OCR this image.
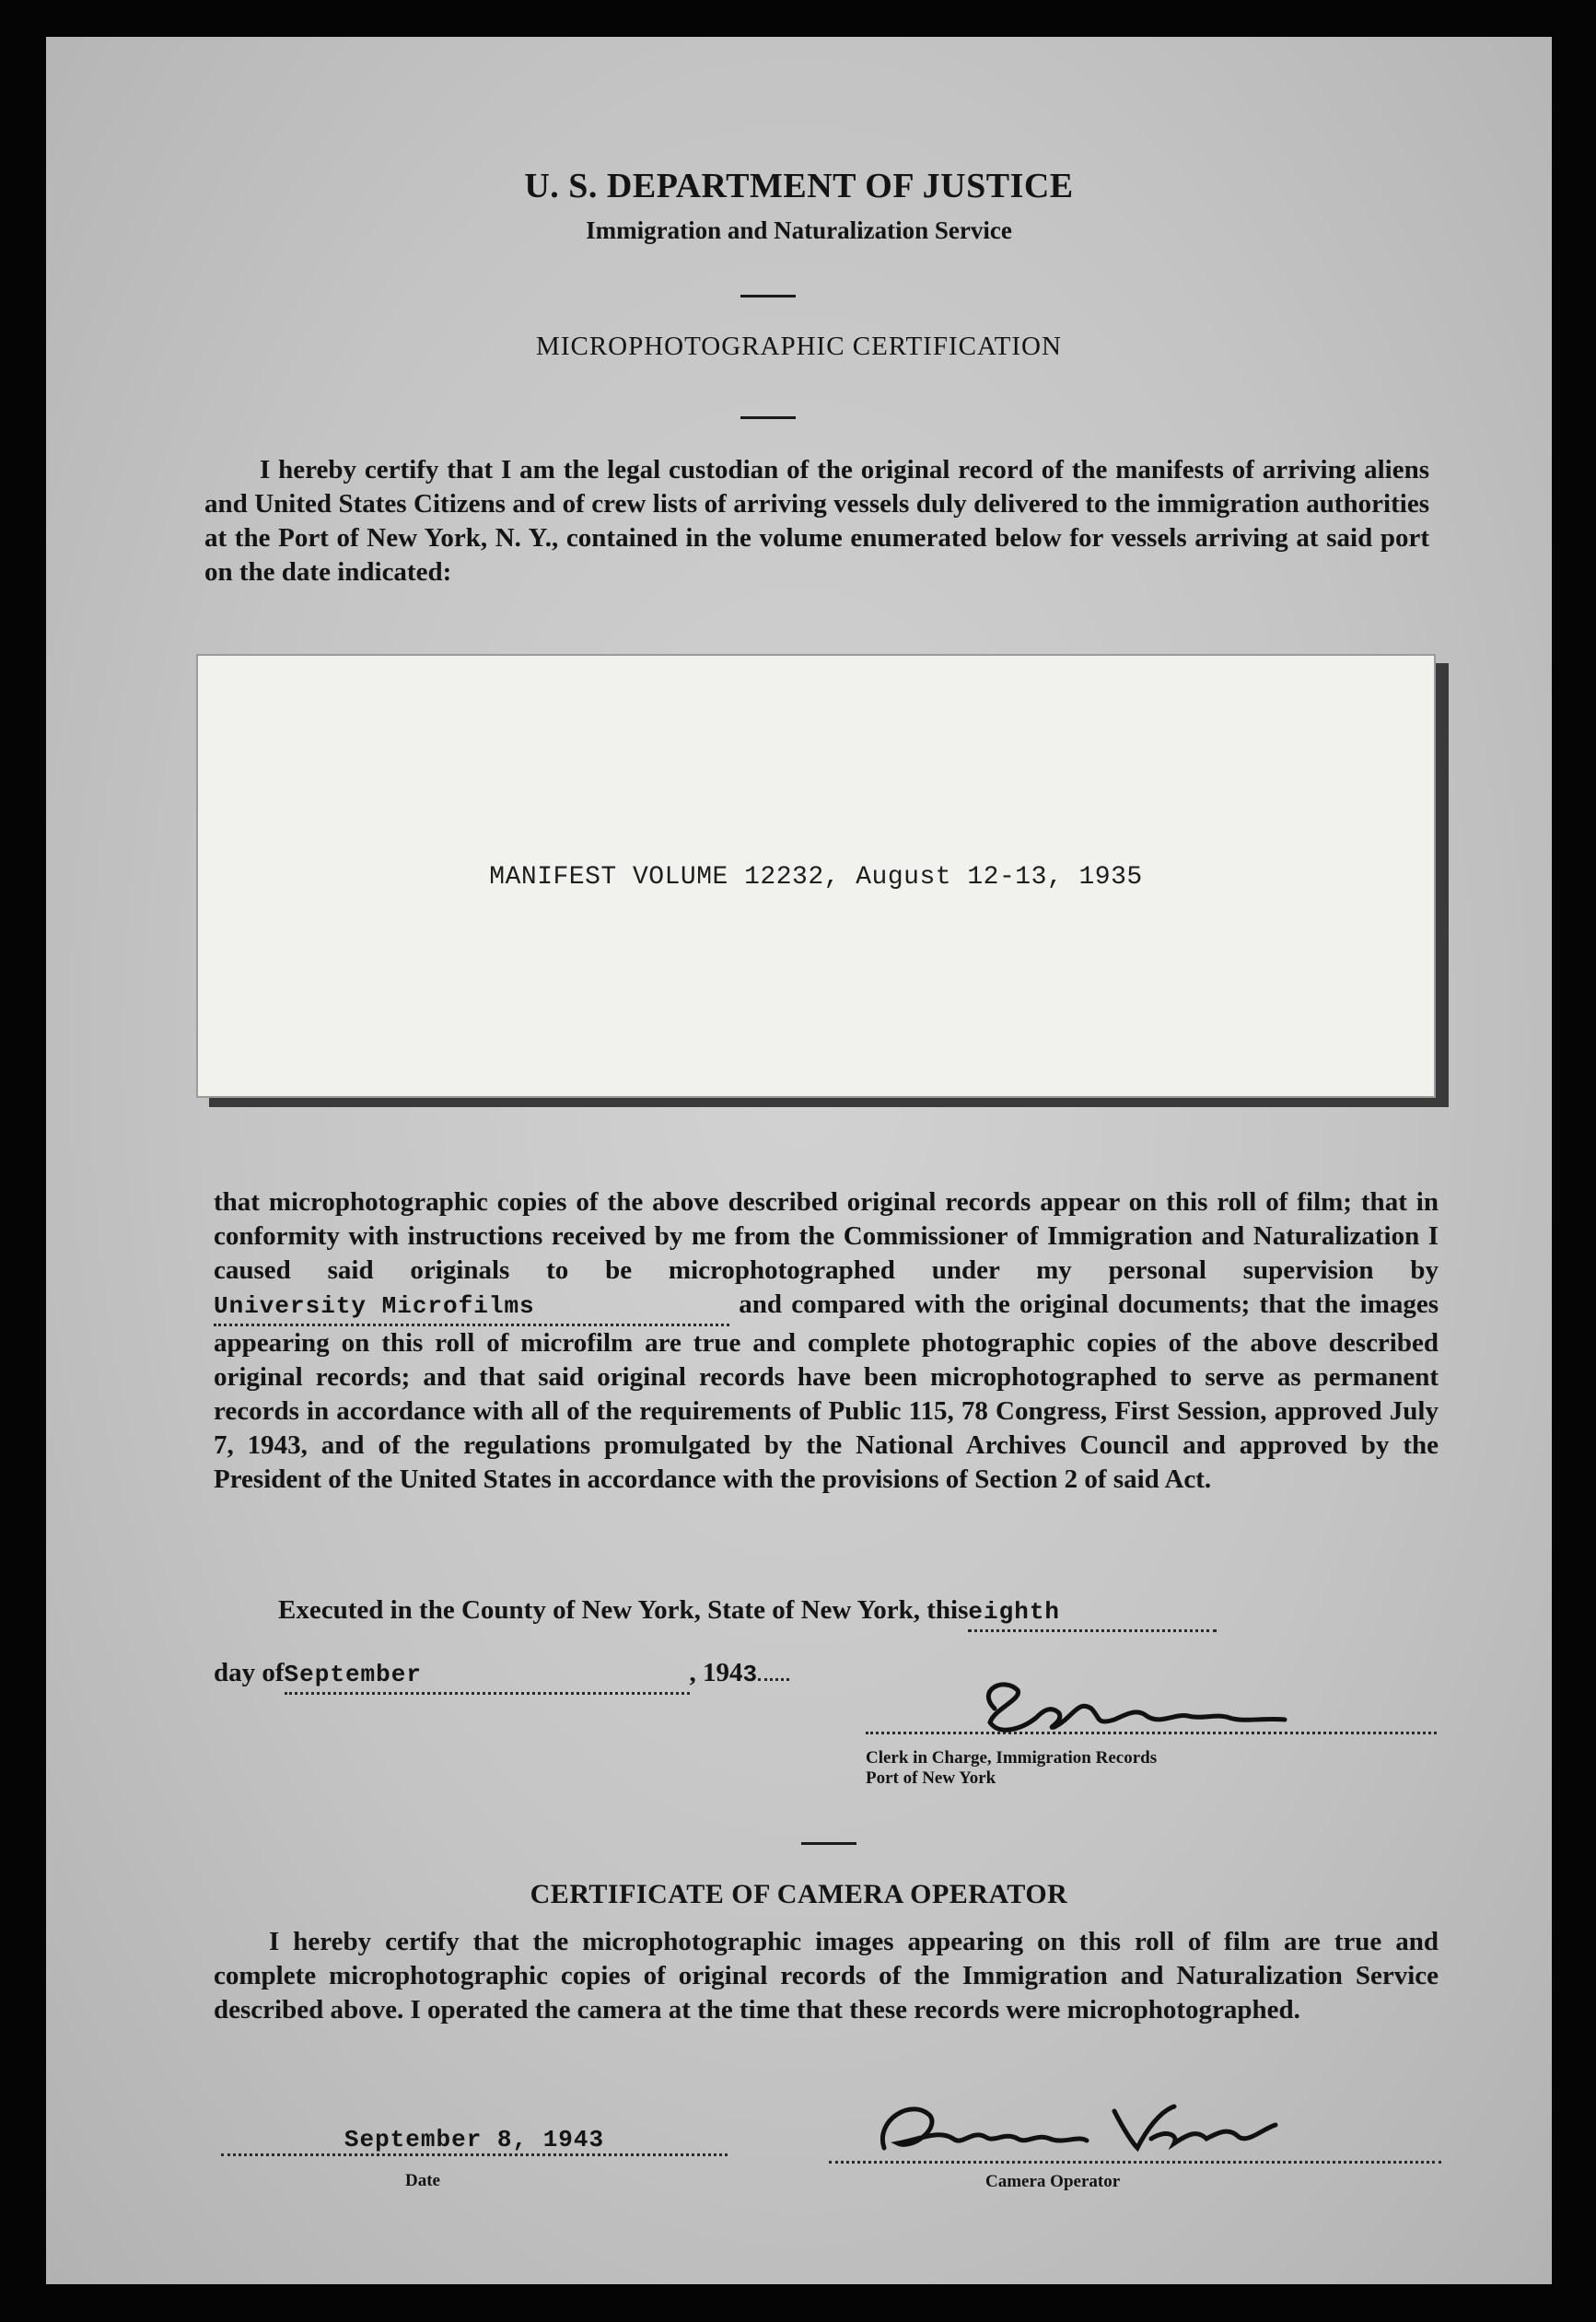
U. S. DEPARTMENT OF JUSTICE
Immigration and Naturalization Service
MICROPHOTOGRAPHIC CERTIFICATION
I hereby certify that I am the legal custodian of the original record of the manifests of arriving aliens and United States Citizens and of crew lists of arriving vessels duly delivered to the immigration authorities at the Port of New York, N. Y., contained in the volume enumerated below for vessels arriving at said port on the date indicated:
MANIFEST VOLUME 12232, August 12-13, 1935
that microphotographic copies of the above described original records appear on this roll of film; that in conformity with instructions received by me from the Commissioner of Immigration and Naturalization I caused said originals to be microphotographed under my personal supervision by University Microfilms	and compared with the original documents; that the images appearing on this roll of microfilm are true and complete photographic copies of the above described original records; and that said original records have been microphotographed to serve as permanent records in accordance with all of the requirements of Public 115, 78 Congress, First Session, approved July 7, 1943, and of the regulations promulgated by the National Archives Council and approved by the President of the United States in accordance with the provisions of Section 2 of said Act.
Executed in the County of New York, State of New York, thiseighth
day ofSeptember	, 1943
Clerk in Charge, Immigration Records
Port of New York
CERTIFICATE OF CAMERA OPERATOR
I hereby certify that the microphotographic images appearing on this roll of film are true and complete microphotographic copies of original records of the Immigration and Naturalization Service described above. I operated the camera at the time that these records were microphotographed.
September 8, 1943
Date	Camera Operator
